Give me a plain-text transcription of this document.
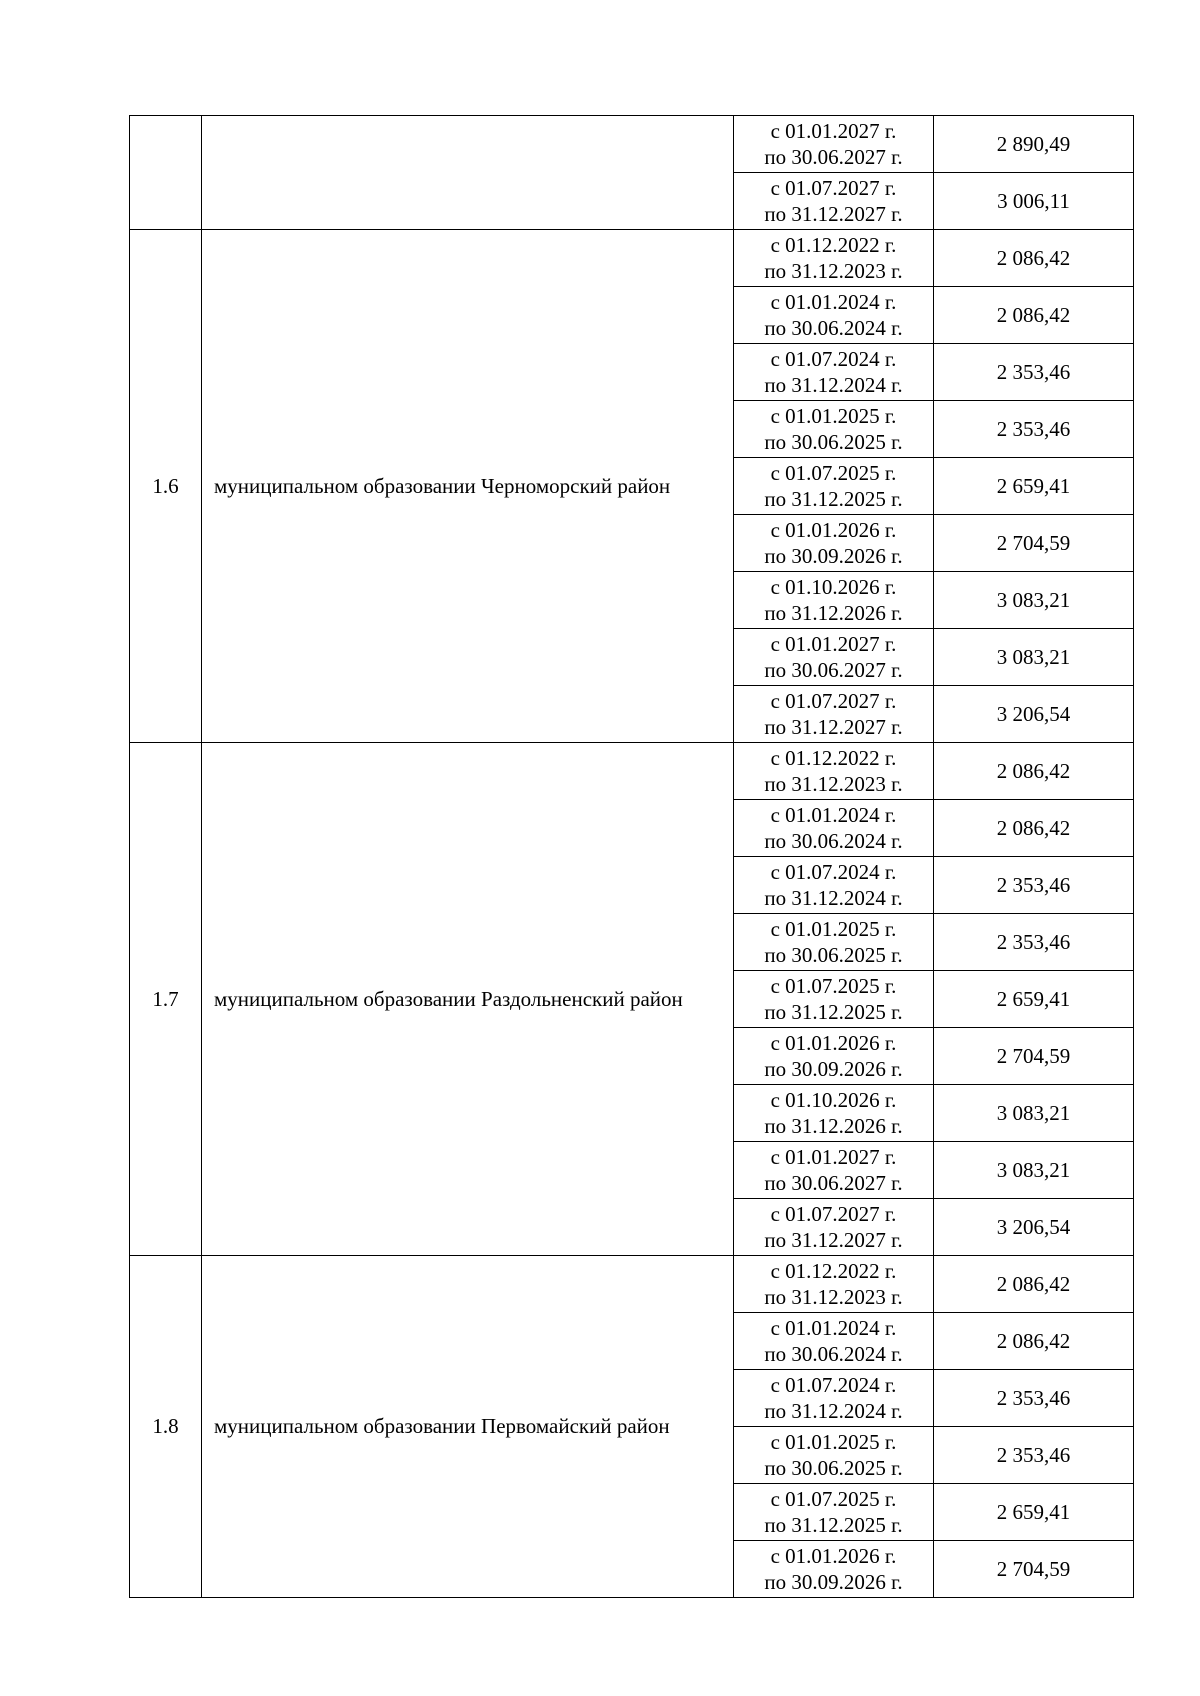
		с 01.01.2027 г.
по 30.06.2027 г.	2 890,49

		с 01.07.2027 г.
по 31.12.2027 г.	3 006,11
1.6	муниципальном образовании Черноморский район	с 01.12.2022 г.
по 31.12.2023 г.	2 086,42

		с 01.01.2024 г.
по 30.06.2024 г.	2 086,42

		с 01.07.2024 г.
по 31.12.2024 г.	2 353,46

		с 01.01.2025 г.
по 30.06.2025 г.	2 353,46

		с 01.07.2025 г.
по 31.12.2025 г.	2 659,41

		с 01.01.2026 г.
по 30.09.2026 г.	2 704,59

		с 01.10.2026 г.
по 31.12.2026 г.	3 083,21

		с 01.01.2027 г.
по 30.06.2027 г.	3 083,21

		с 01.07.2027 г.
по 31.12.2027 г.	3 206,54
1.7	муниципальном образовании Раздольненский район	с 01.12.2022 г.
по 31.12.2023 г.	2 086,42

		с 01.01.2024 г.
по 30.06.2024 г.	2 086,42

		с 01.07.2024 г.
по 31.12.2024 г.	2 353,46

		с 01.01.2025 г.
по 30.06.2025 г.	2 353,46

		с 01.07.2025 г.
по 31.12.2025 г.	2 659,41

		с 01.01.2026 г.
по 30.09.2026 г.	2 704,59

		с 01.10.2026 г.
по 31.12.2026 г.	3 083,21

		с 01.01.2027 г.
по 30.06.2027 г.	3 083,21

		с 01.07.2027 г.
по 31.12.2027 г.	3 206,54
1.8	муниципальном образовании Первомайский район	с 01.12.2022 г.
по 31.12.2023 г.	2 086,42

		с 01.01.2024 г.
по 30.06.2024 г.	2 086,42

		с 01.07.2024 г.
по 31.12.2024 г.	2 353,46

		с 01.01.2025 г.
по 30.06.2025 г.	2 353,46

		с 01.07.2025 г.
по 31.12.2025 г.	2 659,41

		с 01.01.2026 г.
по 30.09.2026 г.	2 704,59
